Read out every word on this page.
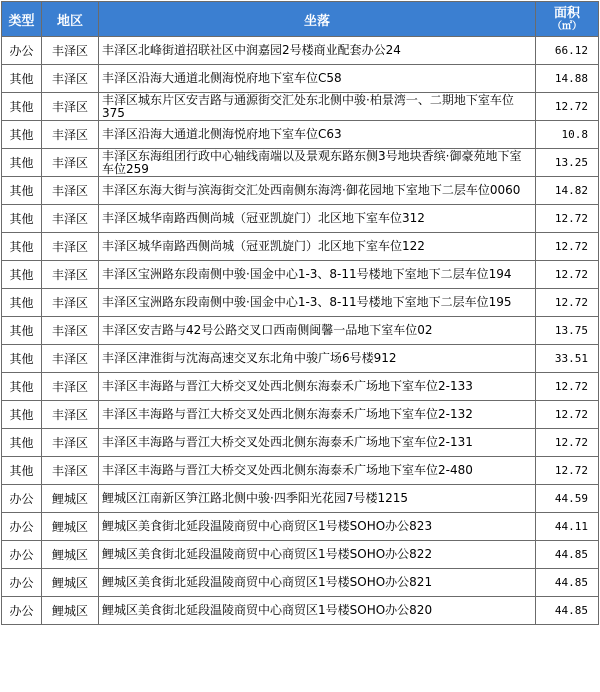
类型	地区	坐落	面积
（㎡）

办公	丰泽区	丰泽区北峰街道招联社区中润嘉园2号楼商业配套办公24	66.12
其他	丰泽区	丰泽区沿海大通道北侧海悦府地下室车位C58	14.88
其他	丰泽区	丰泽区城东片区安吉路与通源街交汇处东北侧中骏·柏景湾一、二期地下室车位375	12.72
其他	丰泽区	丰泽区沿海大通道北侧海悦府地下室车位C63	10.8
其他	丰泽区	丰泽区东海组团行政中心轴线南端以及景观东路东侧3号地块香缤·御豪苑地下室车位259	13.25
其他	丰泽区	丰泽区东海大街与滨海街交汇处西南侧东海湾·御花园地下室地下二层车位0060	14.82
其他	丰泽区	丰泽区城华南路西侧尚城（冠亚凯旋门）北区地下室车位312	12.72
其他	丰泽区	丰泽区城华南路西侧尚城（冠亚凯旋门）北区地下室车位122	12.72
其他	丰泽区	丰泽区宝洲路东段南侧中骏·国金中心1-3、8-11号楼地下室地下二层车位194	12.72
其他	丰泽区	丰泽区宝洲路东段南侧中骏·国金中心1-3、8-11号楼地下室地下二层车位195	12.72
其他	丰泽区	丰泽区安吉路与42号公路交叉口西南侧闽馨一品地下室车位02	13.75
其他	丰泽区	丰泽区津淮街与沈海高速交叉东北角中骏广场6号楼912	33.51
其他	丰泽区	丰泽区丰海路与晋江大桥交叉处西北侧东海泰禾广场地下室车位2-133	12.72
其他	丰泽区	丰泽区丰海路与晋江大桥交叉处西北侧东海泰禾广场地下室车位2-132	12.72
其他	丰泽区	丰泽区丰海路与晋江大桥交叉处西北侧东海泰禾广场地下室车位2-131	12.72
其他	丰泽区	丰泽区丰海路与晋江大桥交叉处西北侧东海泰禾广场地下室车位2-480	12.72
办公	鲤城区	鲤城区江南新区笋江路北侧中骏·四季阳光花园7号楼1215	44.59
办公	鲤城区	鲤城区美食街北延段温陵商贸中心商贸区1号楼SOHO办公823	44.11
办公	鲤城区	鲤城区美食街北延段温陵商贸中心商贸区1号楼SOHO办公822	44.85
办公	鲤城区	鲤城区美食街北延段温陵商贸中心商贸区1号楼SOHO办公821	44.85
办公	鲤城区	鲤城区美食街北延段温陵商贸中心商贸区1号楼SOHO办公820	44.85
